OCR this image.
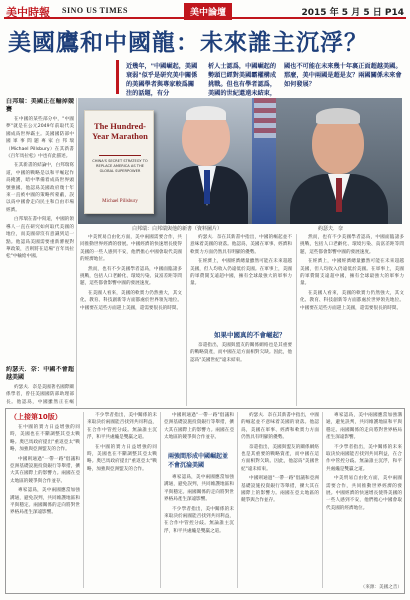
美中時報 SINO US TIMES	美中論壇	2015 年 5 月 5 日 P14
美國鷹和中國龍：未來誰主沉浮？
近幾年，"中國崛起，美國衰弱"似乎是研究美中關係的美國學者與專家較爲關注的話題，有分
析人士認爲，中國崛起的勢頭已經對美國霸權構成挑戰。但也有學者認爲，美國的世紀還遠未結束，
國也不可能在未來幾十年裏正面超越美國。那麼，美中兩國是超是友？兩國關係未來會如何發展？

白邦瑞：美國正在輸掉競賽

在中國的某些部分中，"中國夢"就是在公元2049年前取代美國成爲世界霸主。美國國防部中國軍事問題專家白邦瑞（Michael Pillsbury）在其新書《百年馬拉松》中也有此描述。

在其新書的結論中，白邦瑞寫道，中國的戰略是以和平崛起作爲掩護，暗中準備着成爲世界頭號強國。他認爲美國政府幾十年來一直被中國的策略所蒙蔽，誤以爲中國會走向民主和自由市場經濟。

白邦瑞在書中寫道，中國的領導人一直在研究如何取代美國的地位，而美國卻沒有意識到這一點。他認爲美國需要重新審視對華政策，否則將在這場"百年馬拉松"中輸給中國。

約瑟夫．奈：中國不會超越美國

約瑟夫．奈是美國著名國際關係學者，曾任美國國防部助理部長。他認爲，中國雖然正在崛

The Hundred-Year Marathon
CHINA'S SECRET STRATEGY TO REPLACE AMERICA AS THE GLOBAL SUPERPOWER
Michael Pillsbury
白邦瑞：白邦瑞與他的新書（資料圖片）	約瑟夫．奈

中美貿易自由化方面，美中兩國需要合作，共同推動世界經濟的發展。中國經濟的快速增長使得美國的一些人感到不安，他們擔心中國會取代美國的經濟地位。

然而，也有不少美國學者認爲，中國面臨諸多挑戰，包括人口老齡化、環境污染、貧富差距等問題，這些都會影響中國的發展速度。

在美國人看來，美國的軟實力仍然強大，其文化、教育、科技創新等方面都處於世界領先地位。中國要在這些方面趕上美國，還需要很長的時間。

如果中國真的不會崛起？

約瑟夫．奈在其新書中指出，中國的崛起並不意味着美國的衰落。他認爲，美國在軍事、經濟和軟實力方面仍然具有明顯的優勢。

在經濟上，中國經濟總量雖然可能在未來超越美國，但人均收入仍遠低於美國。在軍事上，美國的軍費開支遠超中國，擁有全球最強大的軍事力量。

奈還指出，美國與盟友的關係網絡也是其重要的戰略資產，而中國在這方面相對欠缺。因此，他認爲"美國世紀"遠未結束。

然而，也有不少美國學者認爲，中國面臨諸多挑戰，包括人口老齡化、環境污染、貧富差距等問題，這些都會影響中國的發展速度。

在經濟上，中國經濟總量雖然可能在未來超越美國，但人均收入仍遠低於美國。在軍事上，美國的軍費開支遠超中國，擁有全球最強大的軍事力量。

在美國人看來，美國的軟實力仍然強大，其文化、教育、科技創新等方面都處於世界領先地位。中國要在這些方面趕上美國，還需要很長的時間。

（上接第10版）

在中國的實力日益增強的同時，美國也在不斷調整其亞太戰略。奧巴馬政府提出"重返亞太"戰略，加強與亞洲盟友的合作。

中國則通過"一帶一路"倡議和亞洲基礎設施投資銀行等舉措，擴大其在國際上的影響力。兩國在亞太地區的競爭與合作並存。

專家認爲，美中兩國應當加強溝通，避免誤判，共同維護地區和平與穩定。兩國關係的走向將對世界格局產生深遠影響。

不少學者指出，美中關係的未來取決於兩國能否找到共同利益，在合作中管控分歧。無論誰主沉浮，和平共處纔是雙贏之道。

在中國的實力日益增強的同時，美國也在不斷調整其亞太戰略。奧巴馬政府提出"重返亞太"戰略，加強與亞洲盟友的合作。

兩強間形成中國崛起並不會沉淪美國

中國則通過"一帶一路"倡議和亞洲基礎設施投資銀行等舉措，擴大其在國際上的影響力。兩國在亞太地區的競爭與合作並存。

專家認爲，美中兩國應當加強溝通，避免誤判，共同維護地區和平與穩定。兩國關係的走向將對世界格局產生深遠影響。

不少學者指出，美中關係的未來取決於兩國能否找到共同利益，在合作中管控分歧。無論誰主沉浮，和平共處纔是雙贏之道。

約瑟夫．奈在其新書中指出，中國的崛起並不意味着美國的衰落。他認爲，美國在軍事、經濟和軟實力方面仍然具有明顯的優勢。

奈還指出，美國與盟友的關係網絡也是其重要的戰略資產，而中國在這方面相對欠缺。因此，他認爲"美國世紀"遠未結束。

中國則通過"一帶一路"倡議和亞洲基礎設施投資銀行等舉措，擴大其在國際上的影響力。兩國在亞太地區的競爭與合作並存。

專家認爲，美中兩國應當加強溝通，避免誤判，共同維護地區和平與穩定。兩國關係的走向將對世界格局產生深遠影響。

不少學者指出，美中關係的未來取決於兩國能否找到共同利益，在合作中管控分歧。無論誰主沉浮，和平共處纔是雙贏之道。

中美貿易自由化方面，美中兩國需要合作，共同推動世界經濟的發展。中國經濟的快速增長使得美國的一些人感到不安，他們擔心中國會取代美國的經濟地位。

（來源：美國之音）
